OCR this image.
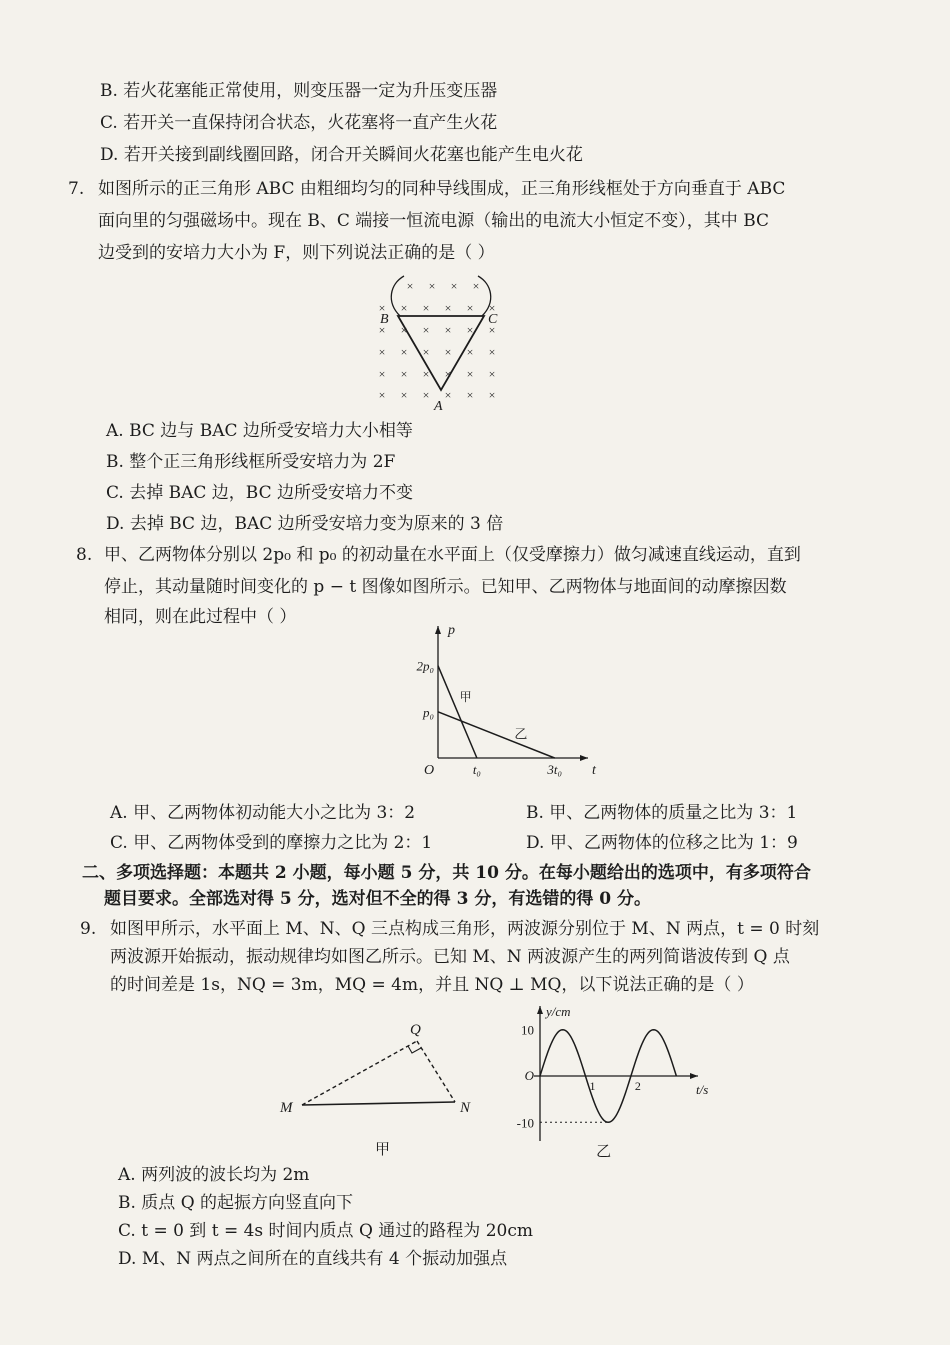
B. 若火花塞能正常使用，则变压器一定为升压变压器
C. 若开关一直保持闭合状态，火花塞将一直产生火花
D. 若开关接到副线圈回路，闭合开关瞬间火花塞也能产生电火花
7. 如图所示的正三角形 ABC 由粗细均匀的同种导线围成，正三角形线框处于方向垂直于 ABC
面向里的匀强磁场中。现在 B、C 端接一恒流电源（输出的电流大小恒定不变），其中 BC
边受到的安培力大小为 F，则下列说法正确的是（ ）
× × × × × ×
× × × × × ×
× × × × × ×
× × × × × ×
× × × × × ×
× × × ×
B	C
A
A. BC 边与 BAC 边所受安培力大小相等
B. 整个正三角形线框所受安培力为 2F
C. 去掉 BAC 边，BC 边所受安培力不变
D. 去掉 BC 边，BAC 边所受安培力变为原来的 3 倍
8. 甲、乙两物体分别以 2p₀ 和 p₀ 的初动量在水平面上（仅受摩擦力）做匀减速直线运动，直到
停止，其动量随时间变化的 p − t 图像如图所示。已知甲、乙两物体与地面间的动摩擦因数
相同，则在此过程中（ ）
p
t
O
2p₀
p₀
t₀	3t₀
甲
乙
A. 甲、乙两物体初动能大小之比为 3：2	B. 甲、乙两物体的质量之比为 3：1
C. 甲、乙两物体受到的摩擦力之比为 2：1	D. 甲、乙两物体的位移之比为 1：9
二、多项选择题：本题共 2 小题，每小题 5 分，共 10 分。在每小题给出的选项中，有多项符合
题目要求。全部选对得 5 分，选对但不全的得 3 分，有选错的得 0 分。
9. 如图甲所示，水平面上 M、N、Q 三点构成三角形，两波源分别位于 M、N 两点，t = 0 时刻
两波源开始振动，振动规律均如图乙所示。已知 M、N 两波源产生的两列简谐波传到 Q 点
的时间差是 1s，NQ = 3m，MQ = 4m，并且 NQ ⊥ MQ，以下说法正确的是（ ）
M	N
Q
甲
y/cm
t/s
O
10
-10
1	2
乙
A. 两列波的波长均为 2m
B. 质点 Q 的起振方向竖直向下
C. t = 0 到 t = 4s 时间内质点 Q 通过的路程为 20cm
D. M、N 两点之间所在的直线共有 4 个振动加强点
